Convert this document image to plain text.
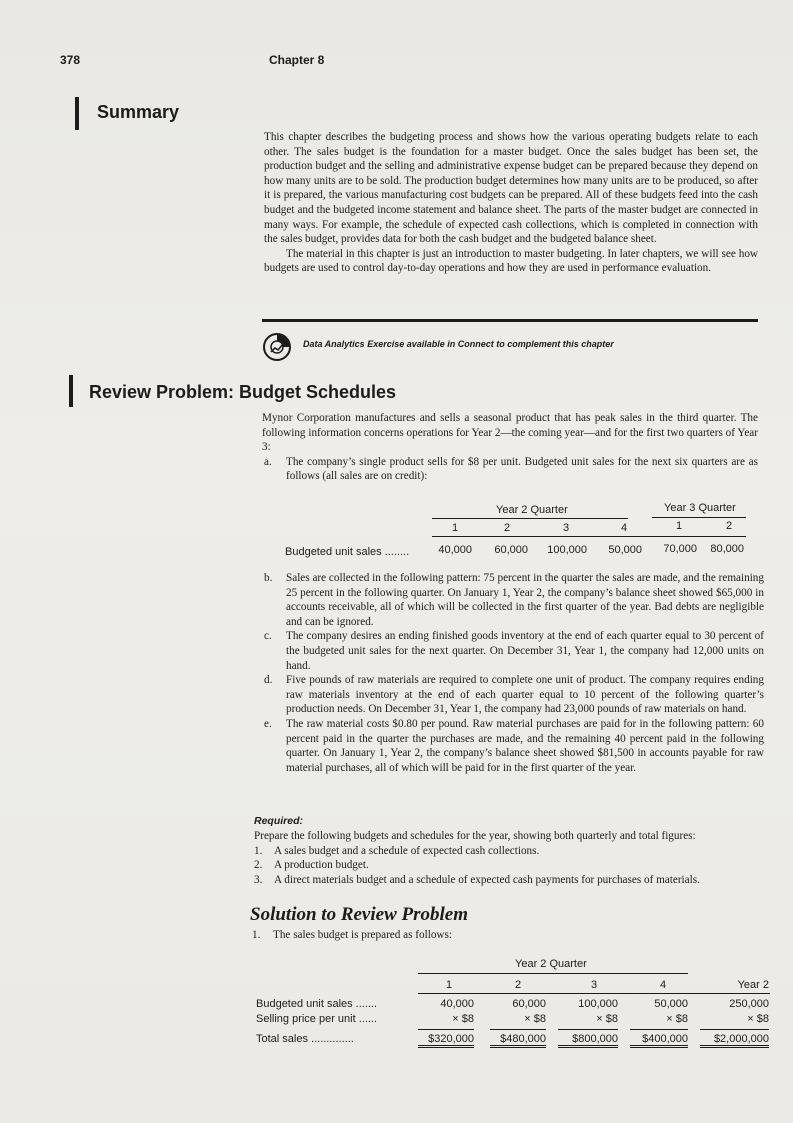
378	Chapter 8
Summary

This chapter describes the budgeting process and shows how the various operating budgets relate to each other. The sales budget is the foundation for a master budget. Once the sales budget has been set, the production budget and the selling and administrative expense budget can be prepared because they depend on how many units are to be sold. The production budget determines how many units are to be produced, so after it is prepared, the various manufacturing cost budgets can be prepared. All of these budgets feed into the cash budget and the budgeted income statement and balance sheet. The parts of the master budget are connected in many ways. For example, the schedule of expected cash collections, which is completed in connection with the sales budget, provides data for both the cash budget and the budgeted balance sheet.

The material in this chapter is just an introduction to master budgeting. In later chapters, we will see how budgets are used to control day-to-day operations and how they are used in performance evaluation.

Data Analytics Exercise available in Connect to complement this chapter
Review Problem: Budget Schedules

Mynor Corporation manufactures and sells a seasonal product that has peak sales in the third quarter. The following information concerns operations for Year 2—the coming year—and for the first two quarters of Year 3:

a. The company’s single product sells for $8 per unit. Budgeted unit sales for the next six quarters are as follows (all sales are on credit):
Year 2 Quarter	Year 3 Quarter
1	2	3	4	1	2
Budgeted unit sales ........	40,000	60,000	100,000	50,000	70,000	80,000
b. Sales are collected in the following pattern: 75 percent in the quarter the sales are made, and the remaining 25 percent in the following quarter. On January 1, Year 2, the company’s balance sheet showed $65,000 in accounts receivable, all of which will be collected in the first quarter of the year. Bad debts are negligible and can be ignored.
c. The company desires an ending finished goods inventory at the end of each quarter equal to 30 percent of the budgeted unit sales for the next quarter. On December 31, Year 1, the company had 12,000 units on hand.
d. Five pounds of raw materials are required to complete one unit of product. The company requires ending raw materials inventory at the end of each quarter equal to 10 percent of the following quarter’s production needs. On December 31, Year 1, the company had 23,000 pounds of raw materials on hand.
e. The raw material costs $0.80 per pound. Raw material purchases are paid for in the following pattern: 60 percent paid in the quarter the purchases are made, and the remaining 40 percent paid in the following quarter. On January 1, Year 2, the company’s balance sheet showed $81,500 in accounts payable for raw material purchases, all of which will be paid for in the first quarter of the year.
Required:

Prepare the following budgets and schedules for the year, showing both quarterly and total figures:

1. A sales budget and a schedule of expected cash collections.
2. A production budget.
3. A direct materials budget and a schedule of expected cash payments for purchases of materials.
Solution to Review Problem
1. The sales budget is prepared as follows:
Year 2 Quarter
1	2	3	4	Year 2
Budgeted unit sales .......	40,000	60,000	100,000	50,000	250,000
Selling price per unit ......	× $8	× $8	× $8	× $8	× $8
Total sales ..............	$320,000	$480,000	$800,000	$400,000	$2,000,000
